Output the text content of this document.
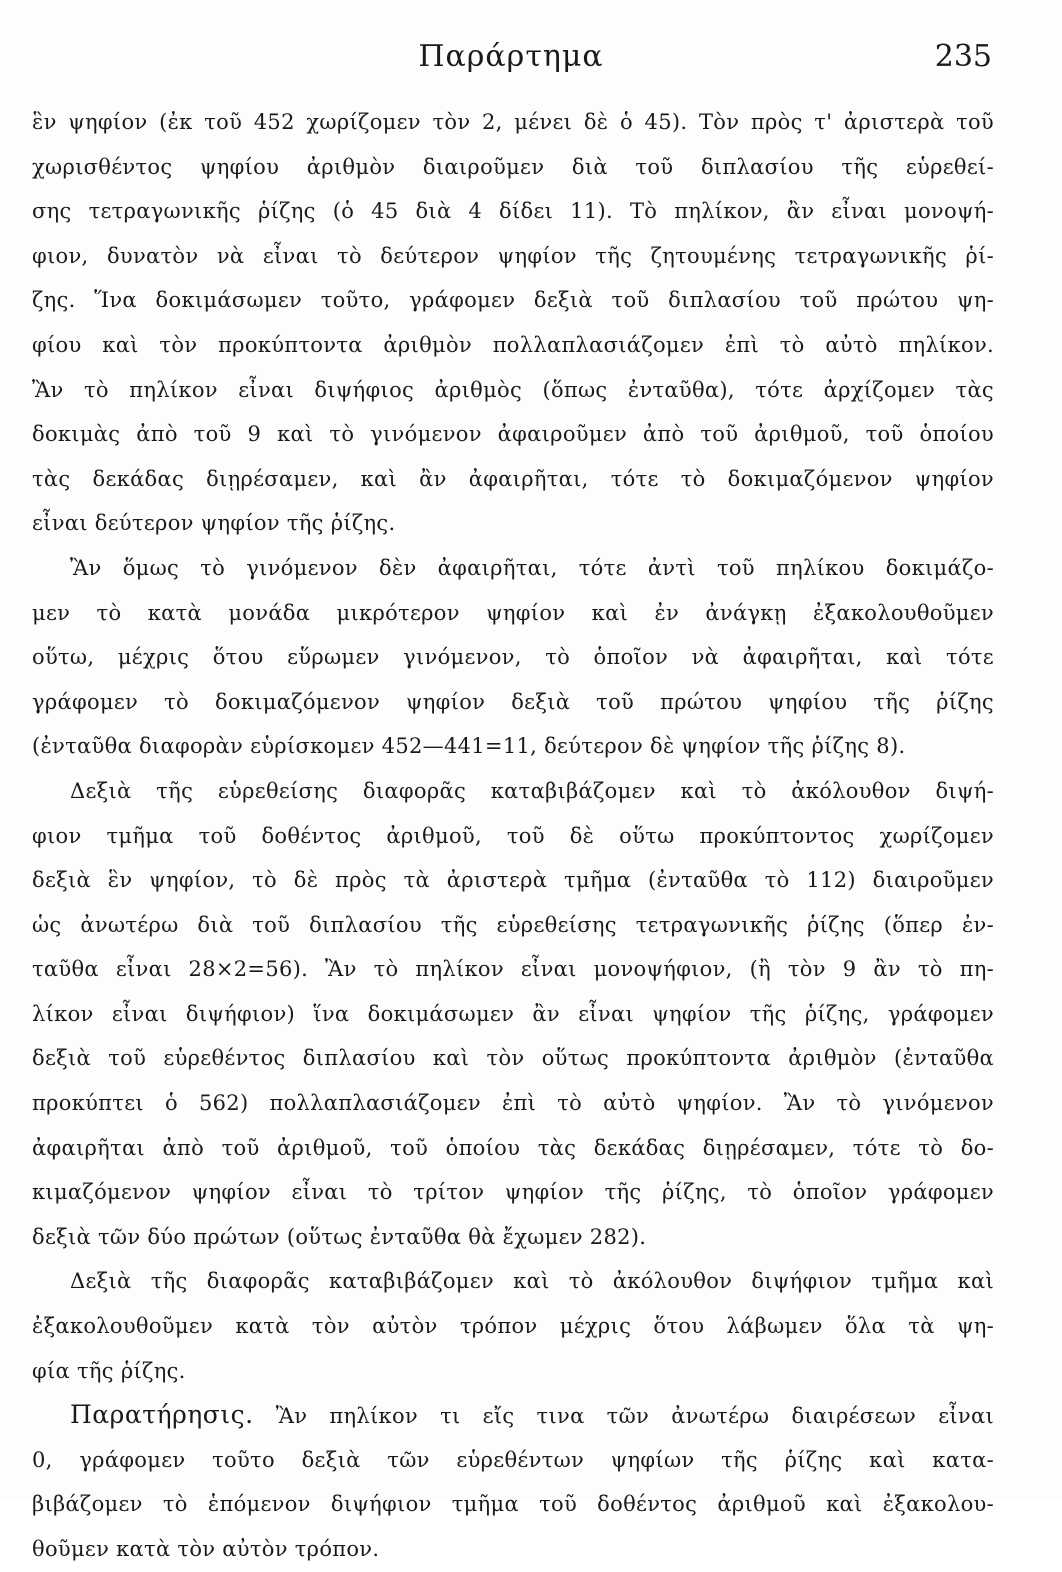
Παράρτημα	235
ἓν ψηφίον (ἐκ τοῦ 452 χωρίζομεν τὸν 2, μένει δὲ ὁ 45). Τὸν πρὸς τ' ἀριστερὰ τοῦ
χωρισθέντος ψηφίου ἀριθμὸν διαιροῦμεν διὰ τοῦ διπλασίου τῆς εὑρεθεί-
σης τετραγωνικῆς ῥίζης (ὁ 45 διὰ 4 δίδει 11). Τὸ πηλίκον, ἂν εἶναι μονοψή-
φιον, δυνατὸν νὰ εἶναι τὸ δεύτερον ψηφίον τῆς ζητουμένης τετραγωνικῆς ῥί-
ζης. Ἵνα δοκιμάσωμεν τοῦτο, γράφομεν δεξιὰ τοῦ διπλασίου τοῦ πρώτου ψη-
φίου καὶ τὸν προκύπτοντα ἀριθμὸν πολλαπλασιάζομεν ἐπὶ τὸ αὐτὸ πηλίκον.
Ἂν τὸ πηλίκον εἶναι διψήφιος ἀριθμὸς (ὅπως ἐνταῦθα), τότε ἀρχίζομεν τὰς
δοκιμὰς ἀπὸ τοῦ 9 καὶ τὸ γινόμενον ἀφαιροῦμεν ἀπὸ τοῦ ἀριθμοῦ, τοῦ ὁποίου
τὰς δεκάδας διῃρέσαμεν, καὶ ἂν ἀφαιρῆται, τότε τὸ δοκιμαζόμενον ψηφίον
εἶναι δεύτερον ψηφίον τῆς ῥίζης.
Ἂν ὅμως τὸ γινόμενον δὲν ἀφαιρῆται, τότε ἀντὶ τοῦ πηλίκου δοκιμάζο-
μεν τὸ κατὰ μονάδα μικρότερον ψηφίον καὶ ἐν ἀνάγκῃ ἐξακολουθοῦμεν
οὕτω, μέχρις ὅτου εὕρωμεν γινόμενον, τὸ ὁποῖον νὰ ἀφαιρῆται, καὶ τότε
γράφομεν τὸ δοκιμαζόμενον ψηφίον δεξιὰ τοῦ πρώτου ψηφίου τῆς ῥίζης
(ἐνταῦθα διαφορὰν εὑρίσκομεν 452—441=11, δεύτερον δὲ ψηφίον τῆς ῥίζης 8).
Δεξιὰ τῆς εὑρεθείσης διαφορᾶς καταβιβάζομεν καὶ τὸ ἀκόλουθον διψή-
φιον τμῆμα τοῦ δοθέντος ἀριθμοῦ, τοῦ δὲ οὕτω προκύπτοντος χωρίζομεν
δεξιὰ ἓν ψηφίον, τὸ δὲ πρὸς τὰ ἀριστερὰ τμῆμα (ἐνταῦθα τὸ 112) διαιροῦμεν
ὡς ἀνωτέρω διὰ τοῦ διπλασίου τῆς εὑρεθείσης τετραγωνικῆς ῥίζης (ὅπερ ἐν-
ταῦθα εἶναι 28×2=56). Ἂν τὸ πηλίκον εἶναι μονοψήφιον, (ἢ τὸν 9 ἂν τὸ πη-
λίκον εἶναι διψήφιον) ἵνα δοκιμάσωμεν ἂν εἶναι ψηφίον τῆς ῥίζης, γράφομεν
δεξιὰ τοῦ εὑρεθέντος διπλασίου καὶ τὸν οὕτως προκύπτοντα ἀριθμὸν (ἐνταῦθα
προκύπτει ὁ 562) πολλαπλασιάζομεν ἐπὶ τὸ αὐτὸ ψηφίον. Ἂν τὸ γινόμενον
ἀφαιρῆται ἀπὸ τοῦ ἀριθμοῦ, τοῦ ὁποίου τὰς δεκάδας διῃρέσαμεν, τότε τὸ δο-
κιμαζόμενον ψηφίον εἶναι τὸ τρίτον ψηφίον τῆς ῥίζης, τὸ ὁποῖον γράφομεν
δεξιὰ τῶν δύο πρώτων (οὕτως ἐνταῦθα θὰ ἔχωμεν 282).
Δεξιὰ τῆς διαφορᾶς καταβιβάζομεν καὶ τὸ ἀκόλουθον διψήφιον τμῆμα καὶ
ἐξακολουθοῦμεν κατὰ τὸν αὐτὸν τρόπον μέχρις ὅτου λάβωμεν ὅλα τὰ ψη-
φία τῆς ῥίζης.
Παρατήρησις. Ἂν πηλίκον τι εἴς τινα τῶν ἀνωτέρω διαιρέσεων εἶναι
0, γράφομεν τοῦτο δεξιὰ τῶν εὑρεθέντων ψηφίων τῆς ῥίζης καὶ κατα-
βιβάζομεν τὸ ἑπόμενον διψήφιον τμῆμα τοῦ δοθέντος ἀριθμοῦ καὶ ἐξακολου-
θοῦμεν κατὰ τὸν αὐτὸν τρόπον.
